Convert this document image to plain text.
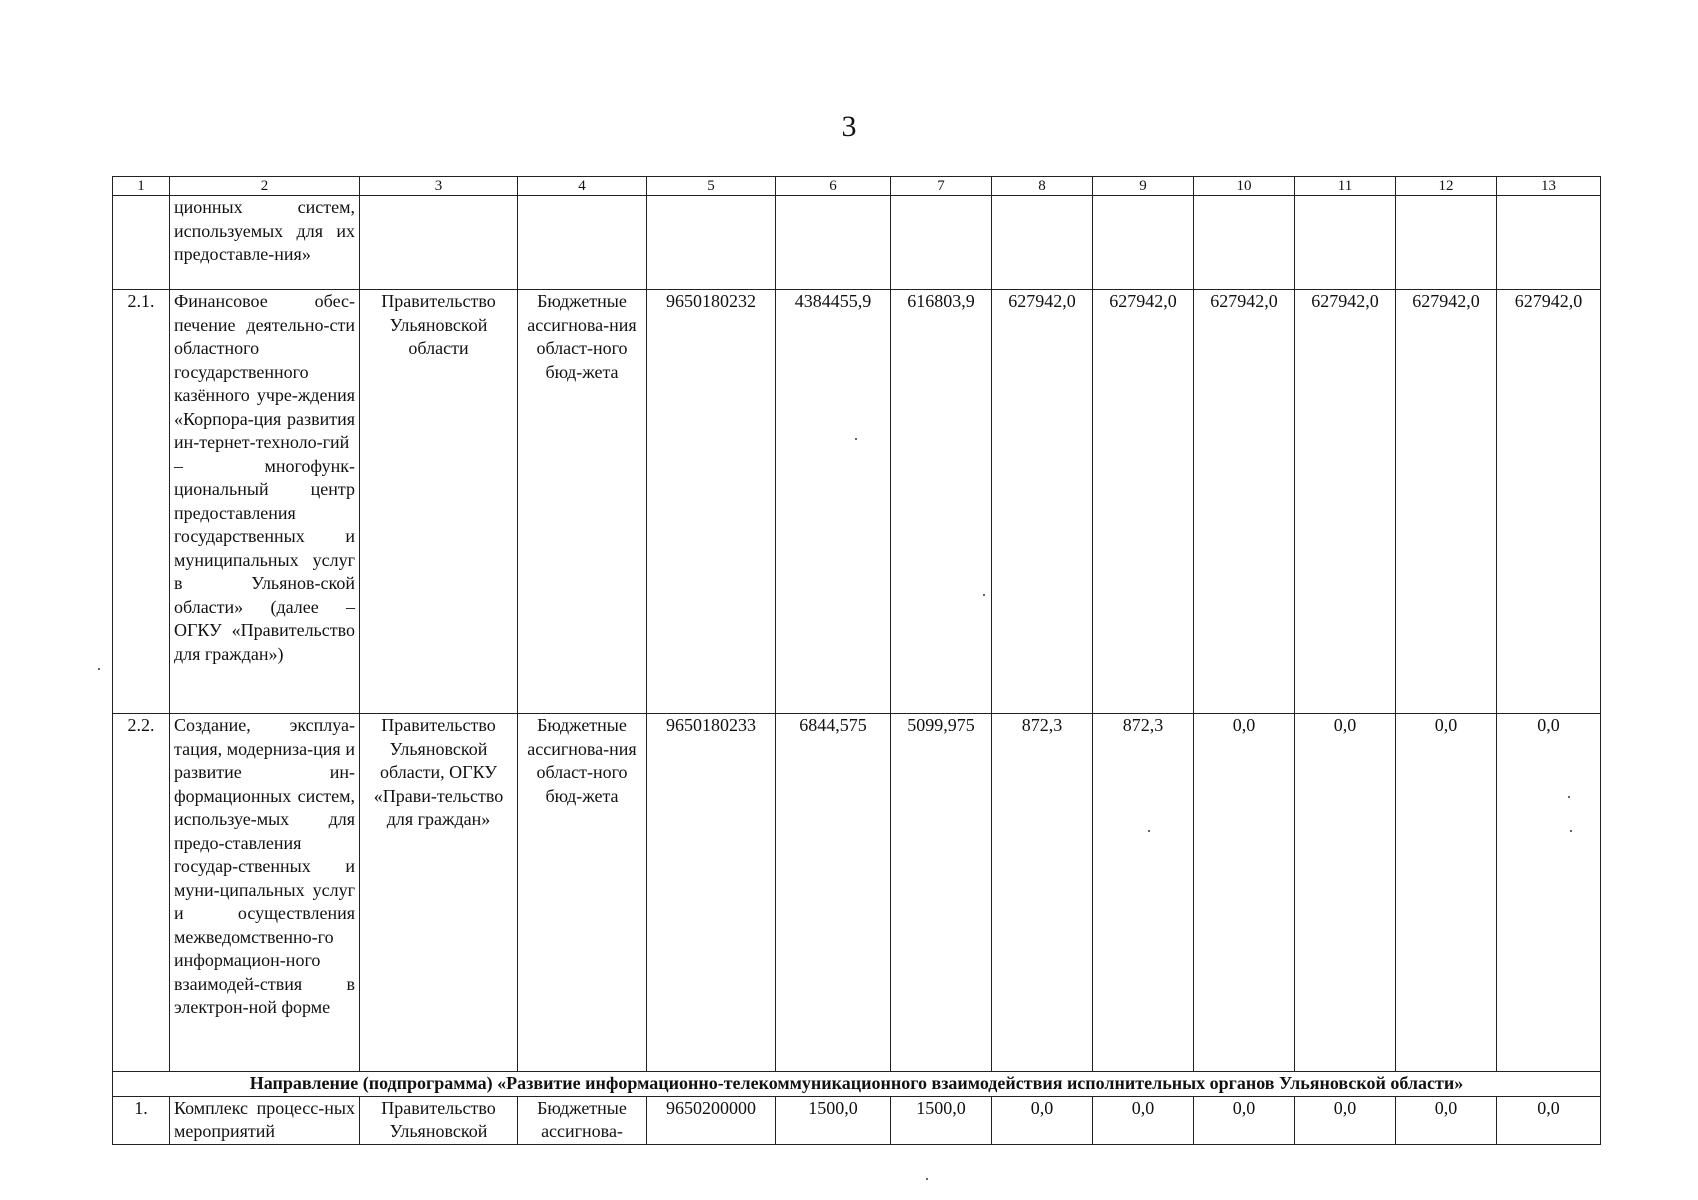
3
1	2	3	4	5	6	7	8	9	10	11	12	13
	ционных систем, используемых для их предоставле-ния»											
2.1.	Финансовое обес-печение деятельно-сти областного государственного казённого учре-ждения «Корпора-ция развития ин-тернет-техноло-гий – многофунк-циональный центр предоставления государственных и муниципальных услуг в Ульянов-ской области» (далее – ОГКУ «Правительство для граждан»)	Правительство Ульяновской области	Бюджетные ассигнова-ния област-ного бюд-жета	9650180232	4384455,9	616803,9	627942,0	627942,0	627942,0	627942,0	627942,0	627942,0
2.2.	Создание, эксплуа-тация, модерниза-ция и развитие ин-формационных систем, используе-мых для предо-ставления государ-ственных и муни-ципальных услуг и осуществления межведомственно-го информацион-ного взаимодей-ствия в электрон-ной форме	Правительство Ульяновской области, ОГКУ «Прави-тельство для граждан»	Бюджетные ассигнова-ния област-ного бюд-жета	9650180233	6844,575	5099,975	872,3	872,3	0,0	0,0	0,0	0,0
Направление (подпрограмма) «Развитие информационно-телекоммуникационного взаимодействия исполнительных органов Ульяновской области»												
1.	Комплекс процесс-ных мероприятий	Правительство Ульяновской	Бюджетные ассигнова-	9650200000	1500,0	1500,0	0,0	0,0	0,0	0,0	0,0	0,0
